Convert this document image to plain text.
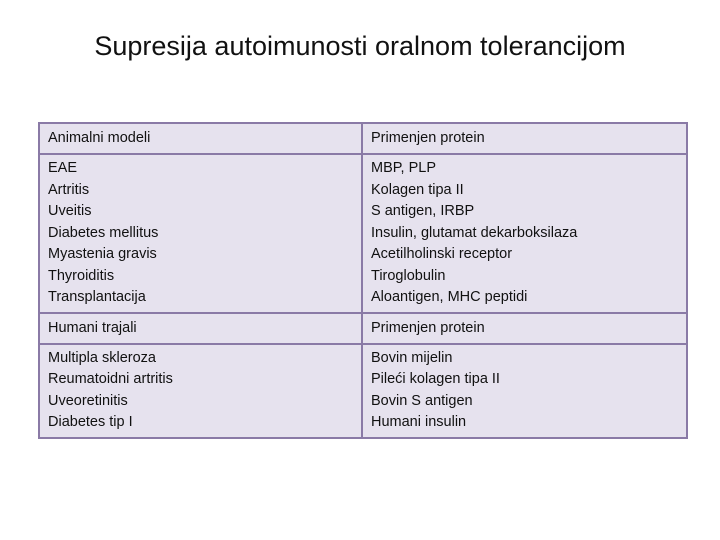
Supresija autoimunosti oralnom tolerancijom
Animalni modeli	Primenjen protein
EAE
Artritis
Uveitis
Diabetes mellitus
Myastenia gravis
Thyroiditis
Transplantacija
MBP, PLP
Kolagen tipa II
S antigen, IRBP
Insulin, glutamat dekarboksilaza
Acetilholinski receptor
Tiroglobulin
Aloantigen, MHC peptidi
Humani trajali	Primenjen protein
Multipla skleroza
Reumatoidni artritis
Uveoretinitis
Diabetes tip I
Bovin mijelin
Pileći kolagen tipa II
Bovin S antigen
Humani insulin
